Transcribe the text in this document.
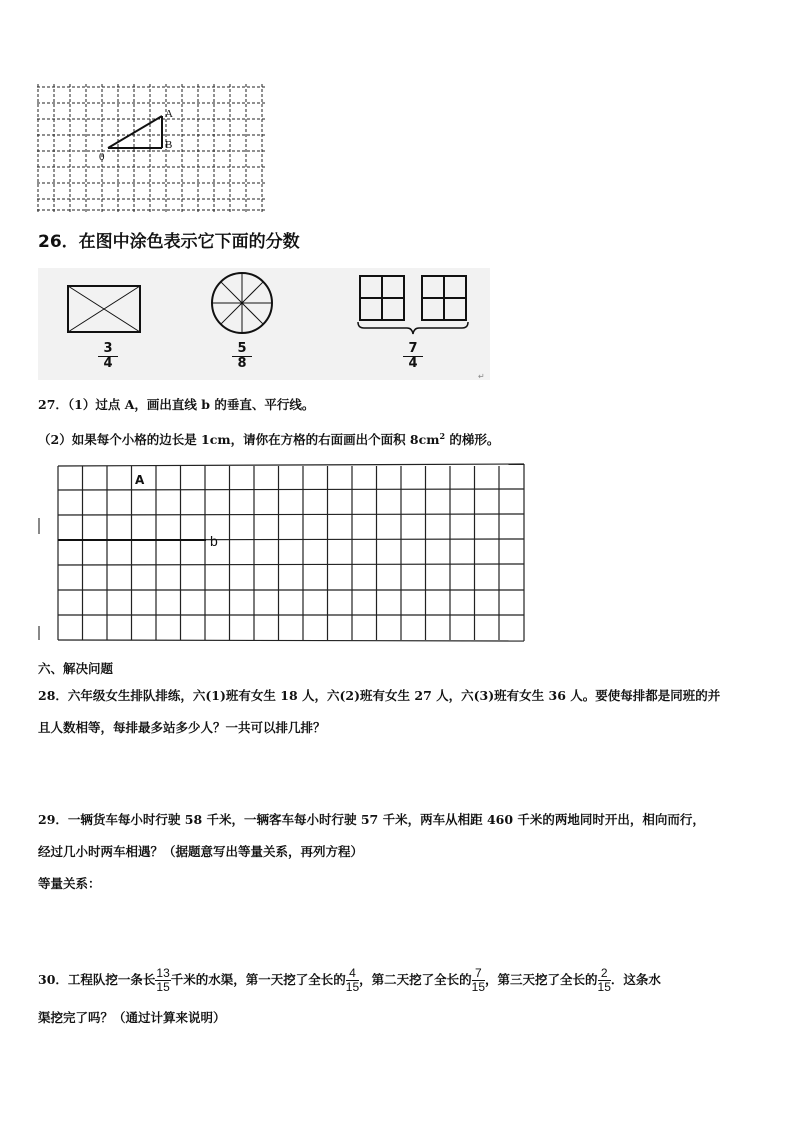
A
B
0
26．在图中涂色表示它下面的分数
↵
$\frac{3}{4}$	$\frac{5}{8}$	$\frac{7}{4}$
27．（1）过点 A，画出直线 b 的垂直、平行线。
（2）如果每个小格的边长是 1cm，请你在方格的右面画出个面积 $8cm^2$ 的梯形。
A
b
六、解决问题
28．六年级女生排队排练，六(1)班有女生 18 人，六(2)班有女生 27 人，六(3)班有女生 36 人。要使每排都是同班的并
且人数相等，每排最多站多少人？一共可以排几排？
29．一辆货车每小时行驶 58 千米，一辆客车每小时行驶 57 千米，两车从相距 460 千米的两地同时开出，相向而行，
经过几小时两车相遇？（据题意写出等量关系，再列方程）
等量关系：
30．工程队挖一条长 $\frac{13}{15}$ 千米的水渠，第一天挖了全长的 $\frac{4}{15}$ ，第二天挖了全长的 $\frac{7}{15}$ ，第三天挖了全长的 $\frac{2}{15}$ ．这条水
渠挖完了吗？（通过计算来说明）
